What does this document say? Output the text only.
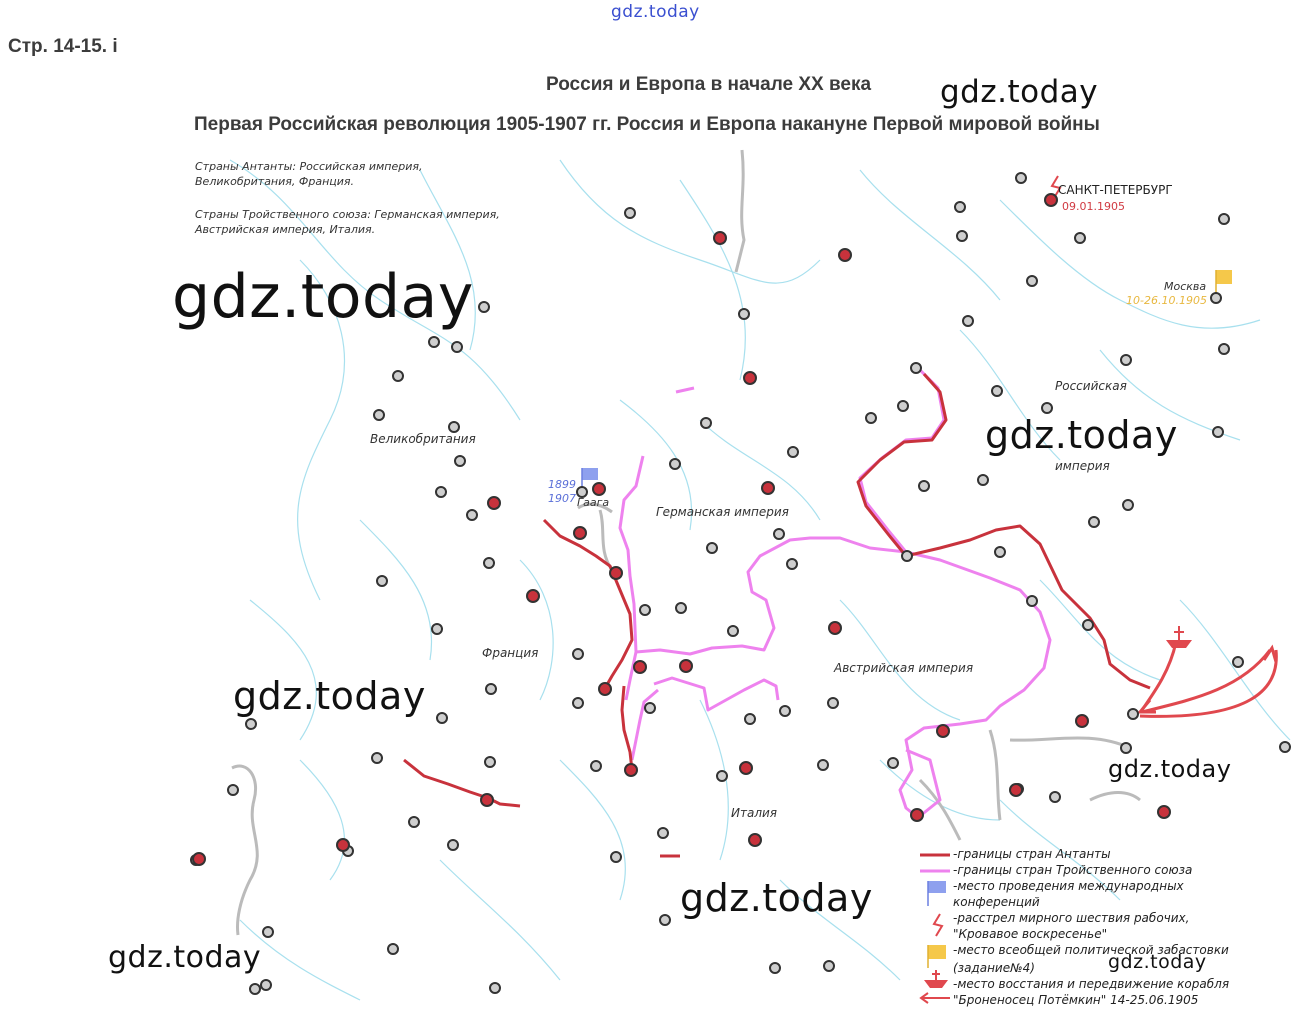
gdz.today
Стр. 14-15. і
Россия и Европа в начале XX века
Первая Российская революция 1905-1907 гг. Россия и Европа накануне Первой мировой войны
Страны Антанты: Российская империя, Великобритания, Франция.
Страны Тройственного союза: Германская империя, Австрийская империя, Италия.
САНКТ-ПЕТЕРБУРГ
09.01.1905
Москва
10-26.10.1905
Российская
империя
Великобритания
Гаага
1899
1907
Германская империя
Франция
Австрийская империя
Италия
gdz.today
gdz.today
gdz.today
gdz.today
gdz.today
gdz.today
gdz.today	gdz.today
-границы стран Антанты
-границы стран Тройственного союза
-место проведения международных
конференций
-расстрел мирного шествия рабочих,
"Кровавое воскресенье"
-место всеобщей политической забастовки
(задание№4)
-место восстания и передвижение корабля
"Броненосец Потёмкин" 14-25.06.1905
